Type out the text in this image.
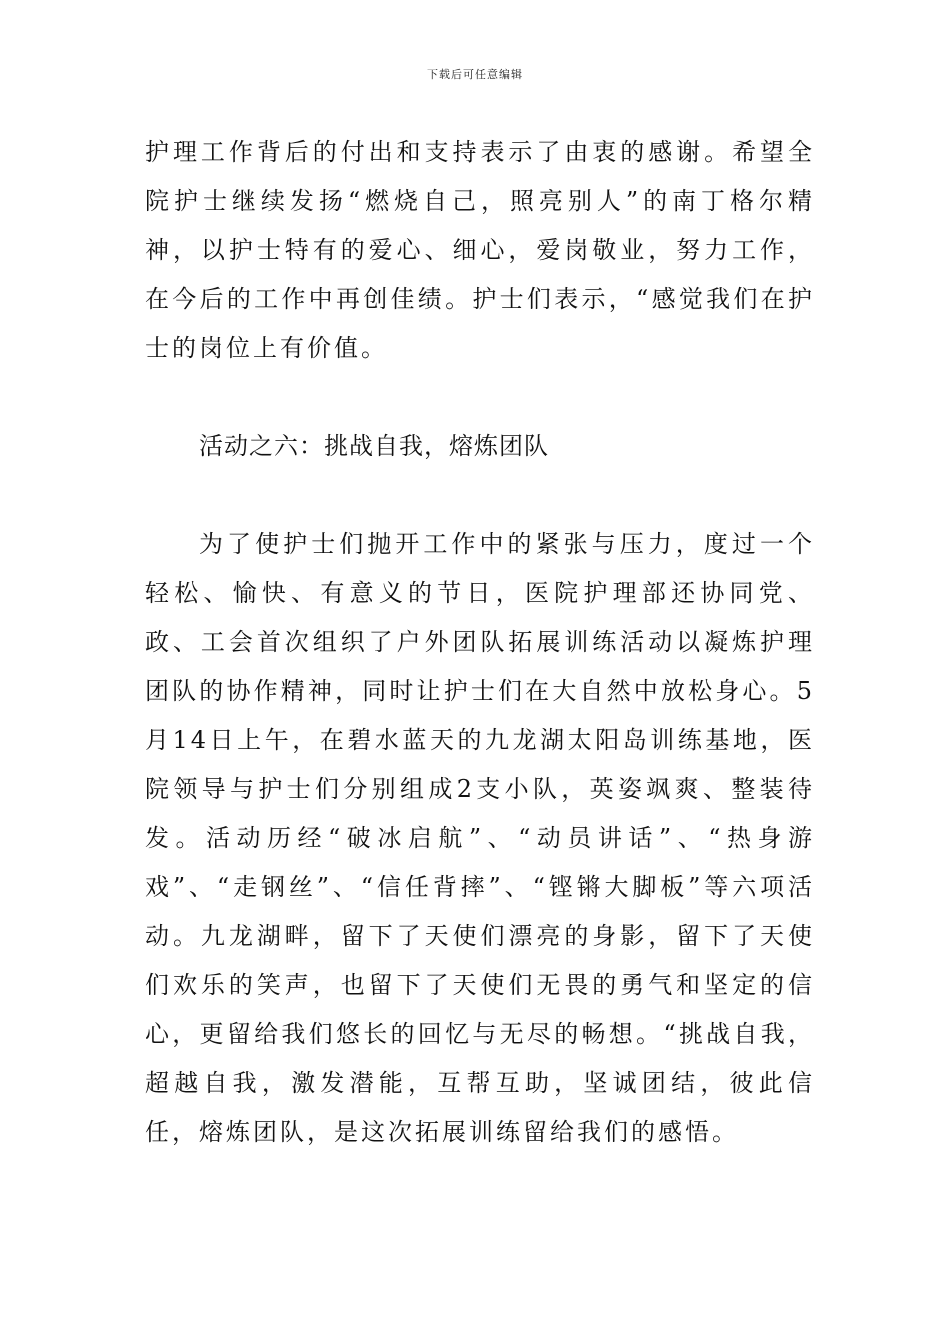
下载后可任意编辑

护理工作背后的付出和支持表示了由衷的感谢。希望全院护士继续发扬“燃烧自己，照亮别人”的南丁格尔精神，以护士特有的爱心、细心，爱岗敬业，努力工作，在今后的工作中再创佳绩。护士们表示，“感觉我们在护士的岗位上有价值。

活动之六：挑战自我，熔炼团队

为了使护士们抛开工作中的紧张与压力，度过一个轻松、愉快、有意义的节日，医院护理部还协同党、政、工会首次组织了户外团队拓展训练活动以凝炼护理团队的协作精神，同时让护士们在大自然中放松身心。5月14日上午，在碧水蓝天的九龙湖太阳岛训练基地，医院领导与护士们分别组成2支小队，英姿飒爽、整装待发。活动历经“破冰启航”、“动员讲话”、“热身游戏”、“走钢丝”、“信任背摔”、“铿锵大脚板”等六项活动。九龙湖畔，留下了天使们漂亮的身影，留下了天使们欢乐的笑声，也留下了天使们无畏的勇气和坚定的信心，更留给我们悠长的回忆与无尽的畅想。“挑战自我，超越自我，激发潜能，互帮互助，坚诚团结，彼此信任，熔炼团队，是这次拓展训练留给我们的感悟。
